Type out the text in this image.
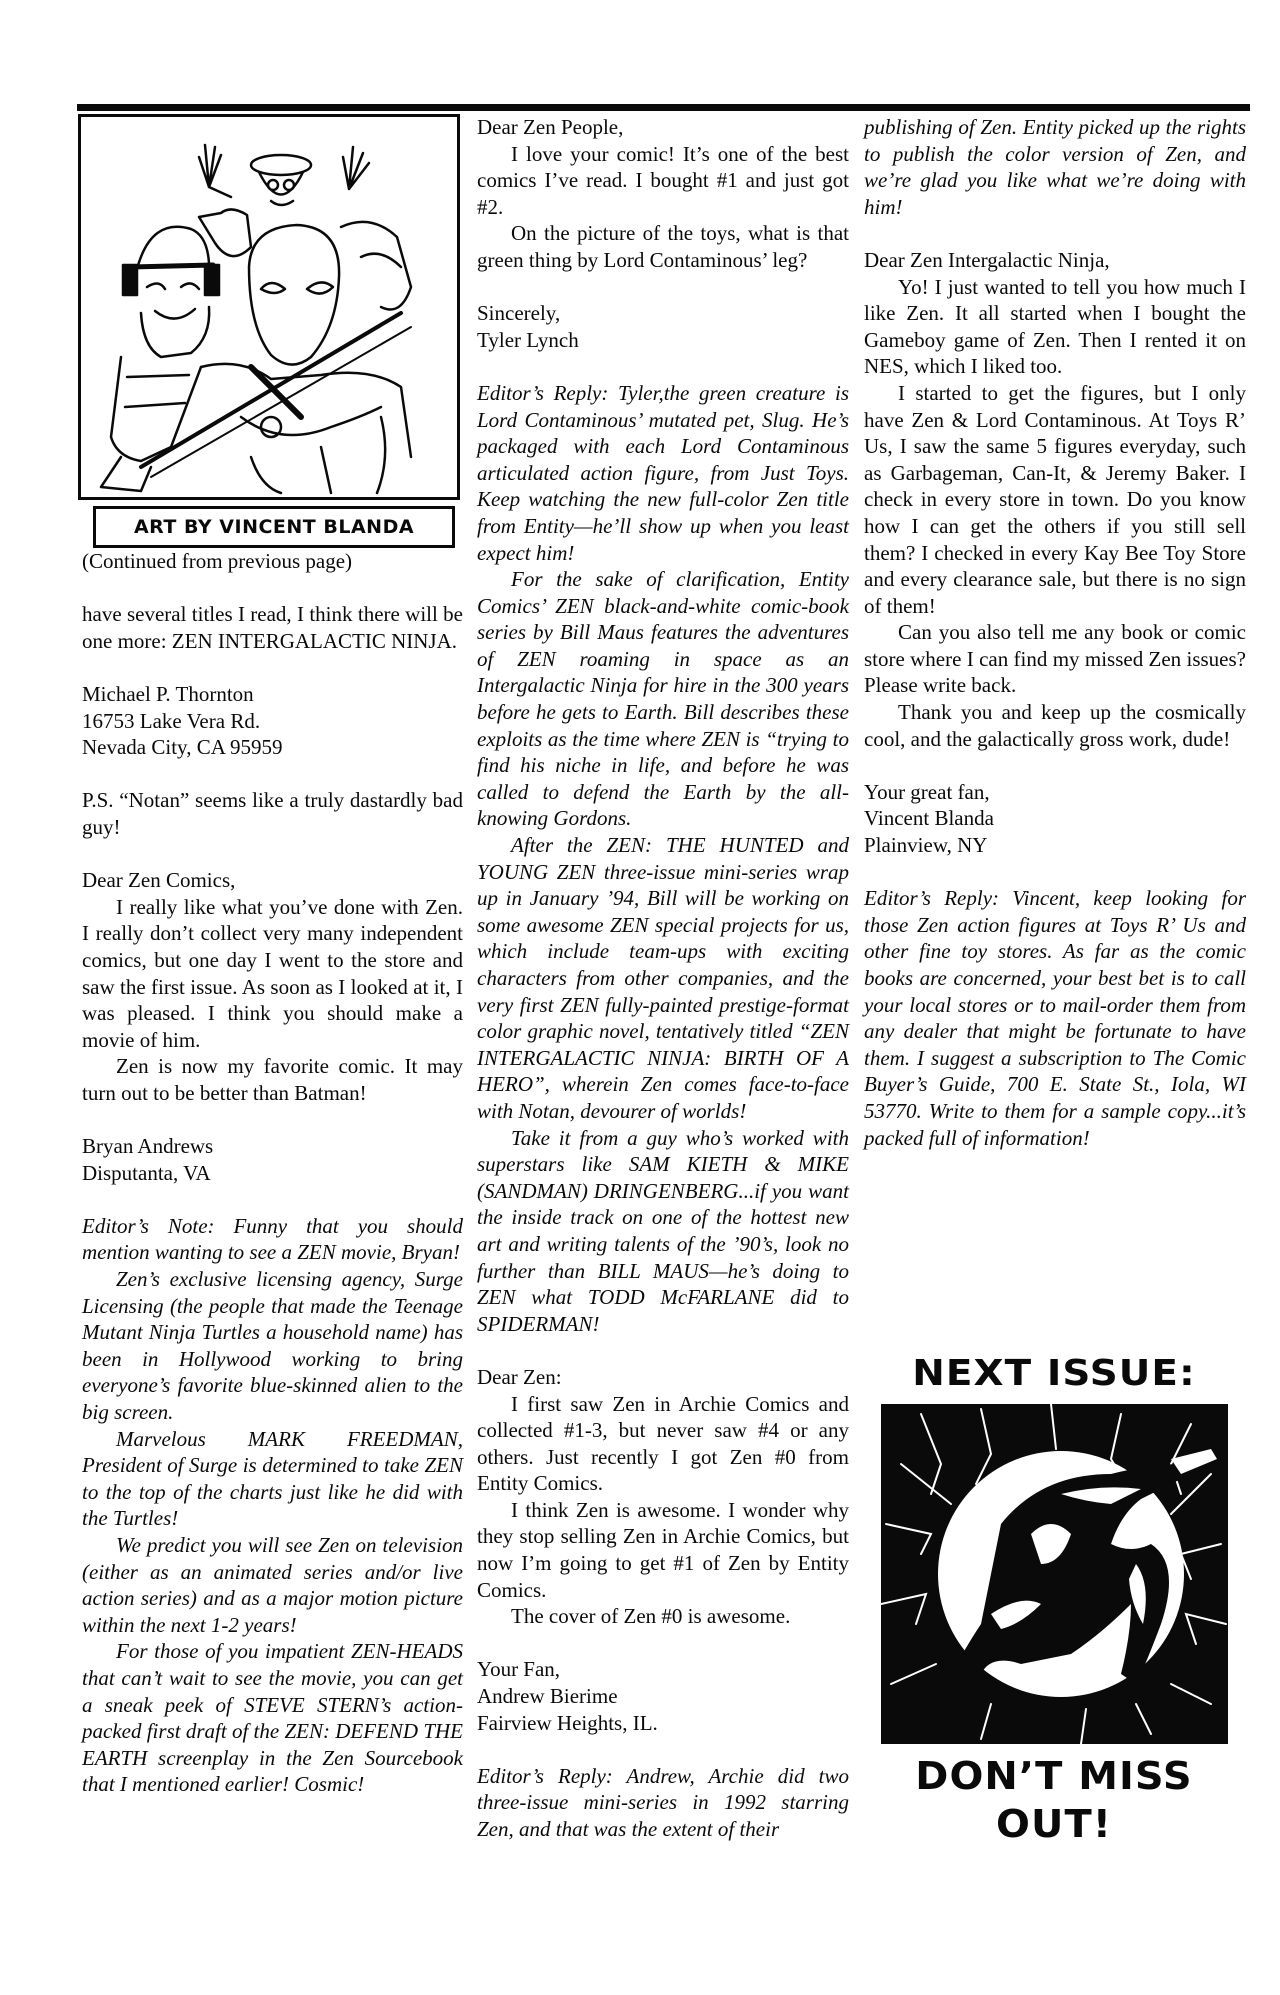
ART BY VINCENT BLANDA

(Continued from previous page)

have several titles I read, I think there will be one more: ZEN INTERGALACTIC NINJA.

Michael P. Thornton

16753 Lake Vera Rd.

Nevada City, CA 95959

P.S. “Notan” seems like a truly dastardly bad guy!

Dear Zen Comics,

I really like what you’ve done with Zen. I really don’t collect very many independent comics, but one day I went to the store and saw the first issue. As soon as I looked at it, I was pleased. I think you should make a movie of him.

Zen is now my favorite comic. It may turn out to be better than Batman!

Bryan Andrews

Disputanta, VA

Editor’s Note: Funny that you should mention wanting to see a ZEN movie, Bryan!

Zen’s exclusive licensing agency, Surge Licensing (the people that made the Teenage Mutant Ninja Turtles a household name) has been in Hollywood working to bring everyone’s favorite blue-skinned alien to the big screen.

Marvelous MARK FREEDMAN, President of Surge is determined to take ZEN to the top of the charts just like he did with the Turtles!

We predict you will see Zen on television (either as an animated series and/or live action series) and as a major motion picture within the next 1-2 years!

For those of you impatient ZEN-HEADS that can’t wait to see the movie, you can get a sneak peek of STEVE STERN’s action-packed first draft of the ZEN: DEFEND THE EARTH screenplay in the Zen Sourcebook that I mentioned earlier! Cosmic!

Dear Zen People,

I love your comic! It’s one of the best comics I’ve read. I bought #1 and just got #2.

On the picture of the toys, what is that green thing by Lord Contaminous’ leg?

Sincerely,

Tyler Lynch

Editor’s Reply: Tyler,the green creature is Lord Contaminous’ mutated pet, Slug. He’s packaged with each Lord Contaminous articulated action figure, from Just Toys. Keep watching the new full-color Zen title from Entity—he’ll show up when you least expect him!

For the sake of clarification, Entity Comics’ ZEN black-and-white comic-book series by Bill Maus features the adventures of ZEN roaming in space as an Intergalactic Ninja for hire in the 300 years before he gets to Earth. Bill describes these exploits as the time where ZEN is “trying to find his niche in life, and before he was called to defend the Earth by the all-knowing Gordons.

After the ZEN: THE HUNTED and YOUNG ZEN three-issue mini-series wrap up in January ’94, Bill will be working on some awesome ZEN special projects for us, which include team-ups with exciting characters from other companies, and the very first ZEN fully-painted prestige-format color graphic novel, tentatively titled “ZEN INTERGALACTIC NINJA: BIRTH OF A HERO”, wherein Zen comes face-to-face with Notan, devourer of worlds!

Take it from a guy who’s worked with superstars like SAM KIETH & MIKE (SANDMAN) DRINGENBERG...if you want the inside track on one of the hottest new art and writing talents of the ’90’s, look no further than BILL MAUS—he’s doing to ZEN what TODD McFARLANE did to SPIDERMAN!

Dear Zen:

I first saw Zen in Archie Comics and collected #1-3, but never saw #4 or any others. Just recently I got Zen #0 from Entity Comics.

I think Zen is awesome. I wonder why they stop selling Zen in Archie Comics, but now I’m going to get #1 of Zen by Entity Comics.

The cover of Zen #0 is awesome.

Your Fan,

Andrew Bierime

Fairview Heights, IL.

Editor’s Reply: Andrew, Archie did two three-issue mini-series in 1992 starring Zen, and that was the extent of their

publishing of Zen. Entity picked up the rights to publish the color version of Zen, and we’re glad you like what we’re doing with him!

Dear Zen Intergalactic Ninja,

Yo! I just wanted to tell you how much I like Zen. It all started when I bought the Gameboy game of Zen. Then I rented it on NES, which I liked too.

I started to get the figures, but I only have Zen & Lord Contaminous. At Toys R’ Us, I saw the same 5 figures everyday, such as Garbageman, Can-It, & Jeremy Baker. I check in every store in town. Do you know how I can get the others if you still sell them? I checked in every Kay Bee Toy Store and every clearance sale, but there is no sign of them!

Can you also tell me any book or comic store where I can find my missed Zen issues? Please write back.

Thank you and keep up the cosmically cool, and the galactically gross work, dude!

Your great fan,

Vincent Blanda

Plainview, NY

Editor’s Reply: Vincent, keep looking for those Zen action figures at Toys R’ Us and other fine toy stores. As far as the comic books are concerned, your best bet is to call your local stores or to mail-order them from any dealer that might be fortunate to have them. I suggest a subscription to The Comic Buyer’s Guide, 700 E. State St., Iola, WI 53770. Write to them for a sample copy...it’s packed full of information!

NEXT ISSUE:
DON’T MISS OUT!
